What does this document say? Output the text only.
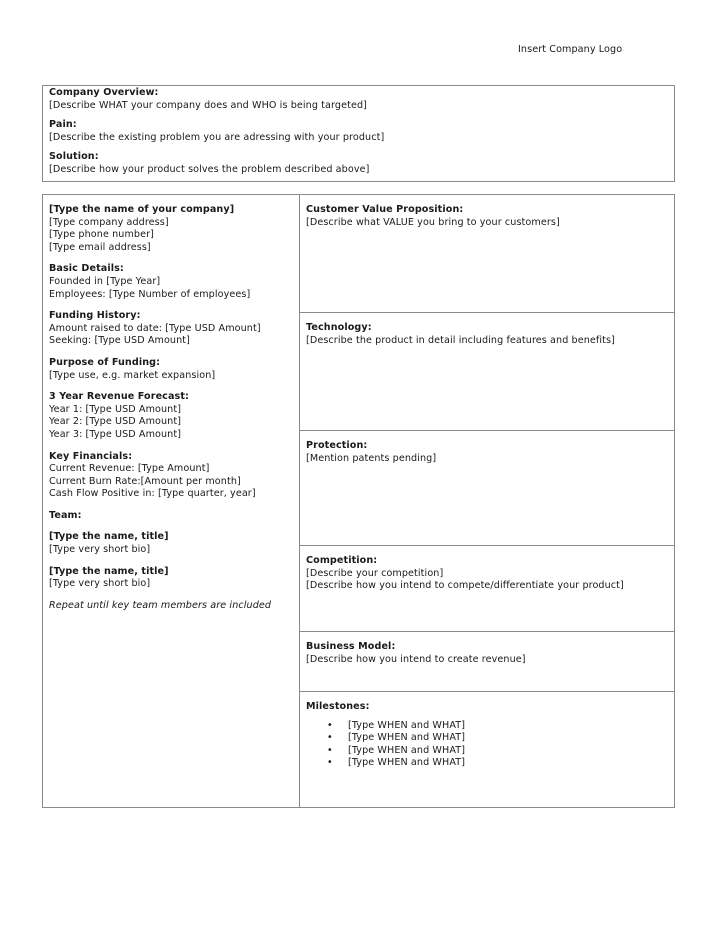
Insert Company Logo
Company Overview:
[Describe WHAT your company does and WHO is being targeted]
Pain:
[Describe the existing problem you are adressing with your product]
Solution:
[Describe how your product solves the problem described above]
[Type the name of your company]
[Type company address]
[Type phone number]
[Type email address]
Basic Details:
Founded in [Type Year]
Employees: [Type Number of employees]
Funding History:
Amount raised to date: [Type USD Amount]
Seeking: [Type USD Amount]
Purpose of Funding:
[Type use, e.g. market expansion]
3 Year Revenue Forecast:
Year 1: [Type USD Amount]
Year 2: [Type USD Amount]
Year 3: [Type USD Amount]
Key Financials:
Current Revenue: [Type Amount]
Current Burn Rate:[Amount per month]
Cash Flow Positive in: [Type quarter, year]
Team:
[Type the name, title]
[Type very short bio]
[Type the name, title]
[Type very short bio]
Repeat until key team members are included
Customer Value Proposition:
[Describe what VALUE you bring to your customers]
Technology:
[Describe the product in detail including features and benefits]
Protection:
[Mention patents pending]
Competition:
[Describe your competition]
[Describe how you intend to compete/differentiate your product]
Business Model:
[Describe how you intend to create revenue]
Milestones:
• [Type WHEN and WHAT]
• [Type WHEN and WHAT]
• [Type WHEN and WHAT]
• [Type WHEN and WHAT]
